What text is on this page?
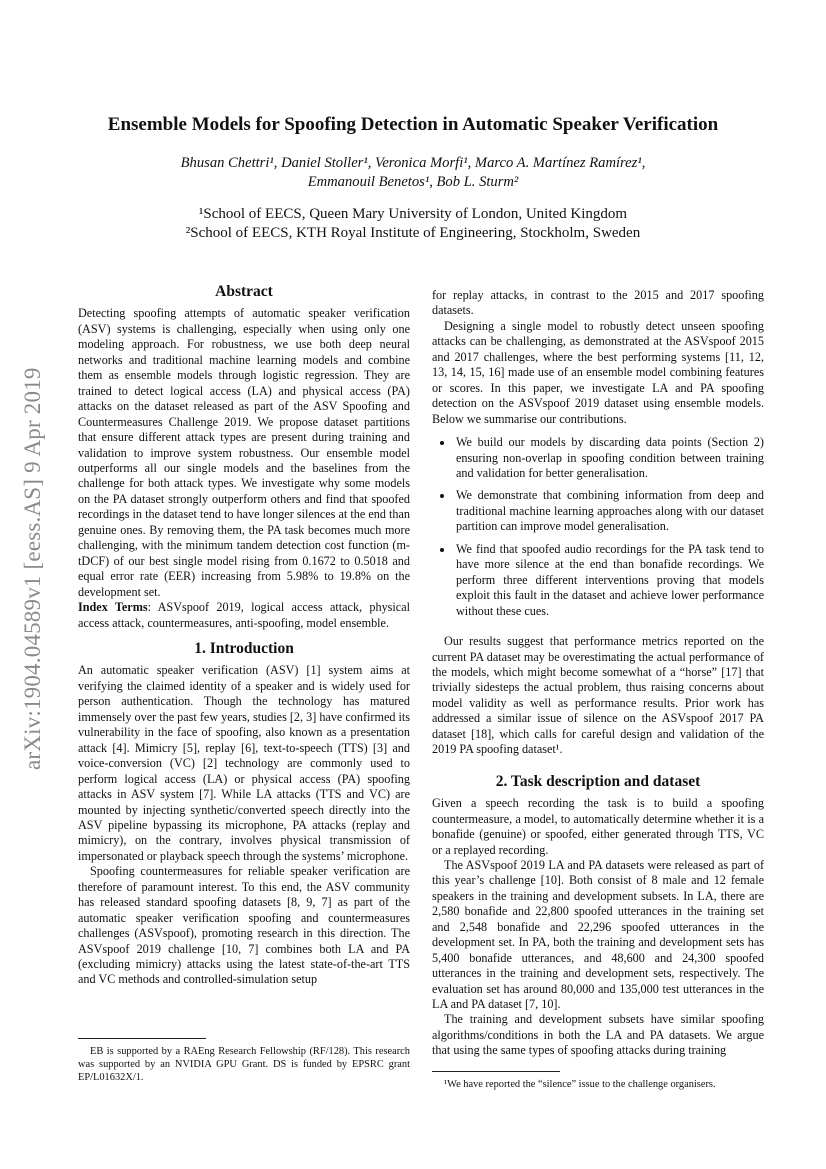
arXiv:1904.04589v1 [eess.AS] 9 Apr 2019
Ensemble Models for Spoofing Detection in Automatic Speaker Verification
Bhusan Chettri¹, Daniel Stoller¹, Veronica Morfi¹, Marco A. Martínez Ramírez¹,
Emmanouil Benetos¹, Bob L. Sturm²
¹School of EECS, Queen Mary University of London, United Kingdom
²School of EECS, KTH Royal Institute of Engineering, Stockholm, Sweden
Abstract

Detecting spoofing attempts of automatic speaker verification (ASV) systems is challenging, especially when using only one modeling approach. For robustness, we use both deep neural networks and traditional machine learning models and combine them as ensemble models through logistic regression. They are trained to detect logical access (LA) and physical access (PA) attacks on the dataset released as part of the ASV Spoofing and Countermeasures Challenge 2019. We propose dataset partitions that ensure different attack types are present during training and validation to improve system robustness. Our ensemble model outperforms all our single models and the baselines from the challenge for both attack types. We investigate why some models on the PA dataset strongly outperform others and find that spoofed recordings in the dataset tend to have longer silences at the end than genuine ones. By removing them, the PA task becomes much more challenging, with the minimum tandem detection cost function (m-tDCF) of our best single model rising from 0.1672 to 0.5018 and equal error rate (EER) increasing from 5.98% to 19.8% on the development set.

Index Terms: ASVspoof 2019, logical access attack, physical access attack, countermeasures, anti-spoofing, model ensemble.

1. Introduction

An automatic speaker verification (ASV) [1] system aims at verifying the claimed identity of a speaker and is widely used for person authentication. Though the technology has matured immensely over the past few years, studies [2, 3] have confirmed its vulnerability in the face of spoofing, also known as a presentation attack [4]. Mimicry [5], replay [6], text-to-speech (TTS) [3] and voice-conversion (VC) [2] technology are commonly used to perform logical access (LA) or physical access (PA) spoofing attacks in ASV system [7]. While LA attacks (TTS and VC) are mounted by injecting synthetic/converted speech directly into the ASV pipeline bypassing its microphone, PA attacks (replay and mimicry), on the contrary, involves physical transmission of impersonated or playback speech through the systems’ microphone.

Spoofing countermeasures for reliable speaker verification are therefore of paramount interest. To this end, the ASV community has released standard spoofing datasets [8, 9, 7] as part of the automatic speaker verification spoofing and countermeasures challenges (ASVspoof), promoting research in this direction. The ASVspoof 2019 challenge [10, 7] combines both LA and PA (excluding mimicry) attacks using the latest state-of-the-art TTS and VC methods and controlled-simulation setup

EB is supported by a RAEng Research Fellowship (RF/128). This research was supported by an NVIDIA GPU Grant. DS is funded by EPSRC grant EP/L01632X/1.

for replay attacks, in contrast to the 2015 and 2017 spoofing datasets.

Designing a single model to robustly detect unseen spoofing attacks can be challenging, as demonstrated at the ASVspoof 2015 and 2017 challenges, where the best performing systems [11, 12, 13, 14, 15, 16] made use of an ensemble model combining features or scores. In this paper, we investigate LA and PA spoofing detection on the ASVspoof 2019 dataset using ensemble models. Below we summarise our contributions.

• We build our models by discarding data points (Section 2) ensuring non-overlap in spoofing condition between training and validation for better generalisation.
• We demonstrate that combining information from deep and traditional machine learning approaches along with our dataset partition can improve model generalisation.
• We find that spoofed audio recordings for the PA task tend to have more silence at the end than bonafide recordings. We perform three different interventions proving that models exploit this fault in the dataset and achieve lower performance without these cues.

Our results suggest that performance metrics reported on the current PA dataset may be overestimating the actual performance of the models, which might become somewhat of a “horse” [17] that trivially sidesteps the actual problem, thus raising concerns about model validity as well as performance results. Prior work has addressed a similar issue of silence on the ASVspoof 2017 PA dataset [18], which calls for careful design and validation of the 2019 PA spoofing dataset¹.

2. Task description and dataset

Given a speech recording the task is to build a spoofing countermeasure, a model, to automatically determine whether it is a bonafide (genuine) or spoofed, either generated through TTS, VC or a replayed recording.

The ASVspoof 2019 LA and PA datasets were released as part of this year’s challenge [10]. Both consist of 8 male and 12 female speakers in the training and development subsets. In LA, there are 2,580 bonafide and 22,800 spoofed utterances in the training set and 2,548 bonafide and 22,296 spoofed utterances in the development set. In PA, both the training and development sets has 5,400 bonafide utterances, and 48,600 and 24,300 spoofed utterances in the training and development sets, respectively. The evaluation set has around 80,000 and 135,000 test utterances in the LA and PA dataset [7, 10].

The training and development subsets have similar spoofing algorithms/conditions in both the LA and PA datasets. We argue that using the same types of spoofing attacks during training

¹We have reported the “silence” issue to the challenge organisers.
